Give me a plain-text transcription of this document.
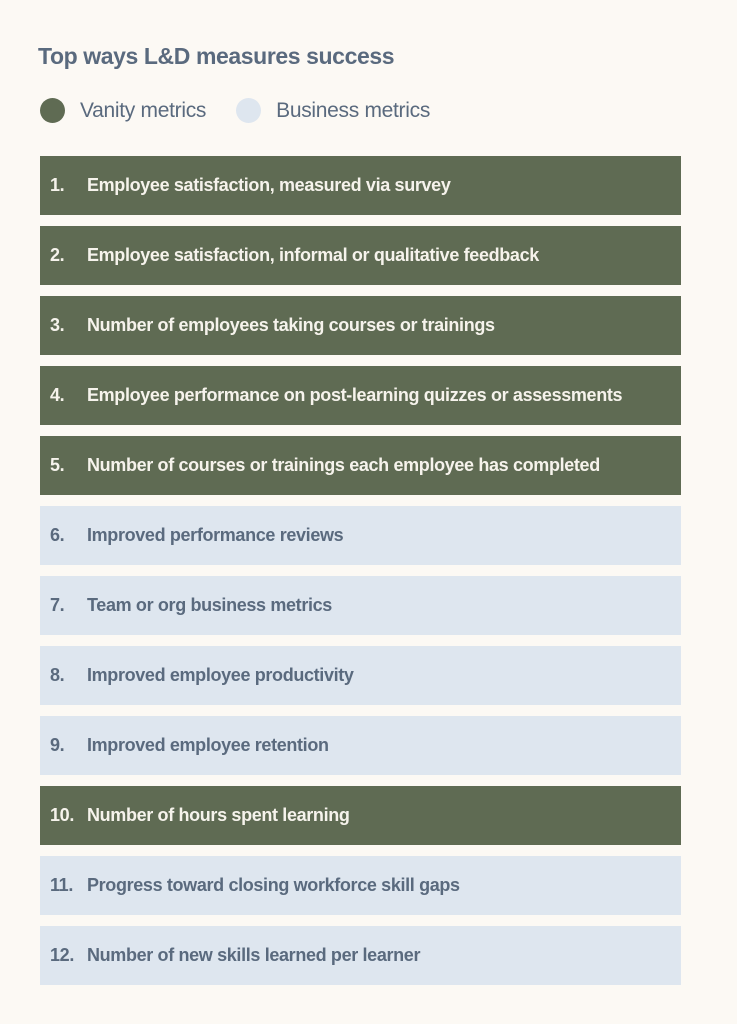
Top ways L&D measures success
Vanity metrics	Business metrics
1.	Employee satisfaction, measured via survey
2.	Employee satisfaction, informal or qualitative feedback
3.	Number of employees taking courses or trainings
4.	Employee performance on post-learning quizzes or assessments
5.	Number of courses or trainings each employee has completed
6.	Improved performance reviews
7.	Team or org business metrics
8.	Improved employee productivity
9.	Improved employee retention
10. Number of hours spent learning
11. Progress toward closing workforce skill gaps
12. Number of new skills learned per learner
